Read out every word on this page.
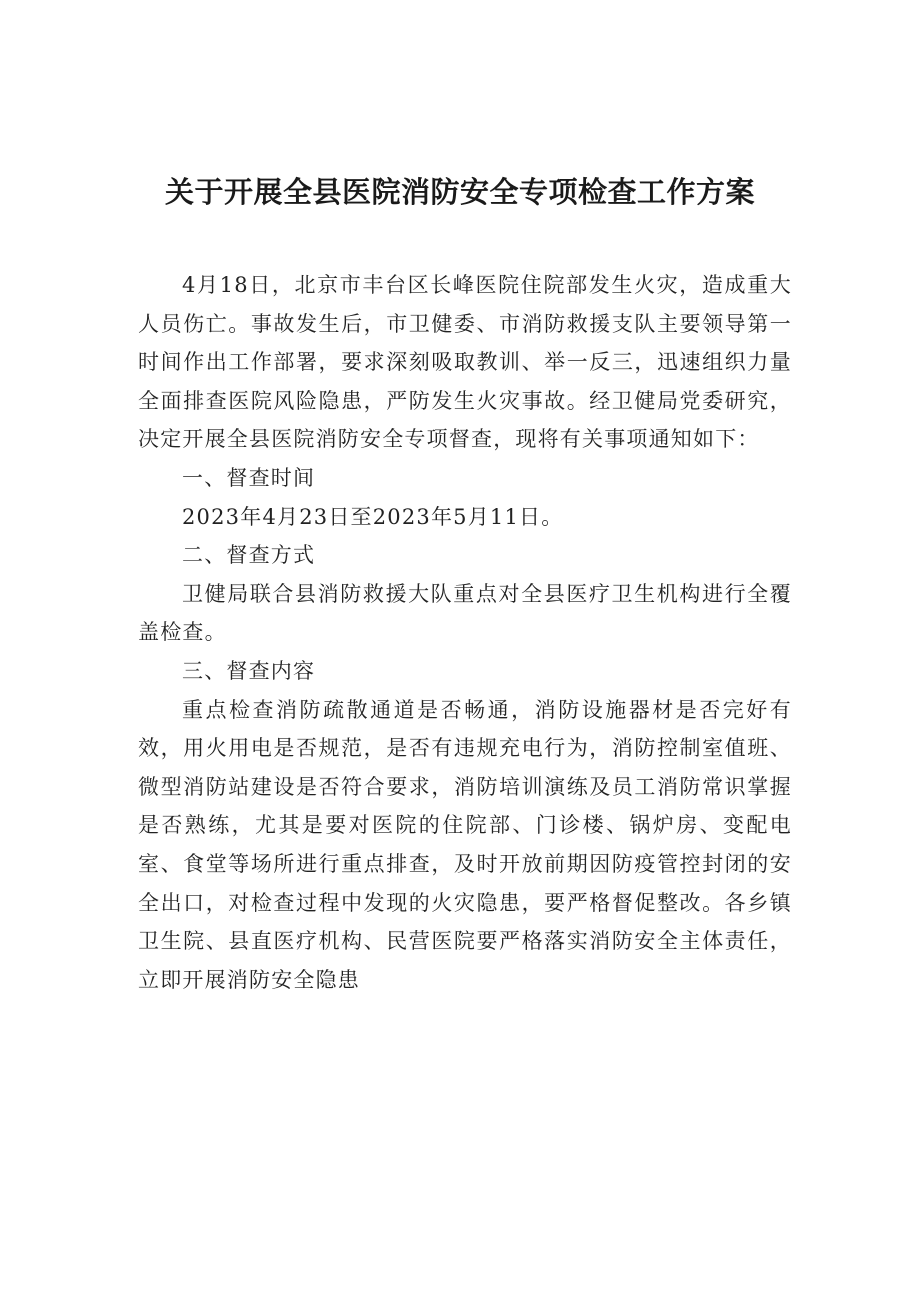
关于开展全县医院消防安全专项检查工作方案

4月18日，北京市丰台区长峰医院住院部发生火灾，造成重大人员伤亡。事故发生后，市卫健委、市消防救援支队主要领导第一时间作出工作部署，要求深刻吸取教训、举一反三，迅速组织力量全面排查医院风险隐患，严防发生火灾事故。经卫健局党委研究，决定开展全县医院消防安全专项督查，现将有关事项通知如下：

一、督查时间

2023年4月23日至2023年5月11日。

二、督查方式

卫健局联合县消防救援大队重点对全县医疗卫生机构进行全覆盖检查。

三、督查内容

重点检查消防疏散通道是否畅通，消防设施器材是否完好有效，用火用电是否规范，是否有违规充电行为，消防控制室值班、微型消防站建设是否符合要求，消防培训演练及员工消防常识掌握是否熟练，尤其是要对医院的住院部、门诊楼、锅炉房、变配电室、食堂等场所进行重点排查，及时开放前期因防疫管控封闭的安全出口，对检查过程中发现的火灾隐患，要严格督促整改。各乡镇卫生院、县直医疗机构、民营医院要严格落实消防安全主体责任，立即开展消防安全隐患
